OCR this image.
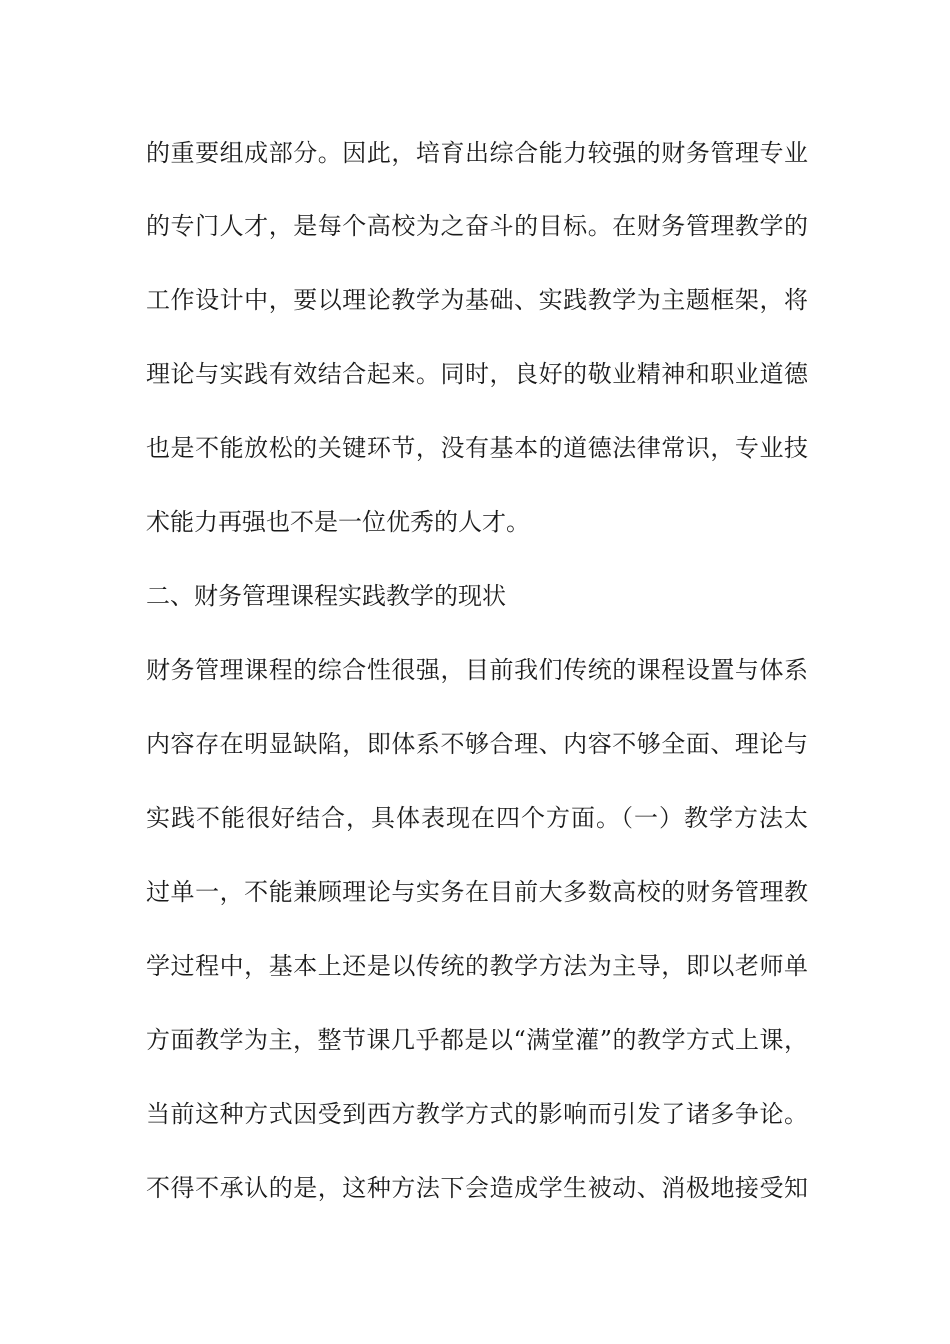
的重要组成部分。因此，培育出综合能力较强的财务管理专业
的专门人才，是每个高校为之奋斗的目标。在财务管理教学的
工作设计中，要以理论教学为基础、实践教学为主题框架，将
理论与实践有效结合起来。同时，良好的敬业精神和职业道德
也是不能放松的关键环节，没有基本的道德法律常识，专业技
术能力再强也不是一位优秀的人才。
二、财务管理课程实践教学的现状
财务管理课程的综合性很强，目前我们传统的课程设置与体系
内容存在明显缺陷，即体系不够合理、内容不够全面、理论与
实践不能很好结合，具体表现在四个方面。（一）教学方法太
过单一，不能兼顾理论与实务在目前大多数高校的财务管理教
学过程中，基本上还是以传统的教学方法为主导，即以老师单
方面教学为主，整节课几乎都是以“满堂灌”的教学方式上课，
当前这种方式因受到西方教学方式的影响而引发了诸多争论。
不得不承认的是，这种方法下会造成学生被动、消极地接受知
